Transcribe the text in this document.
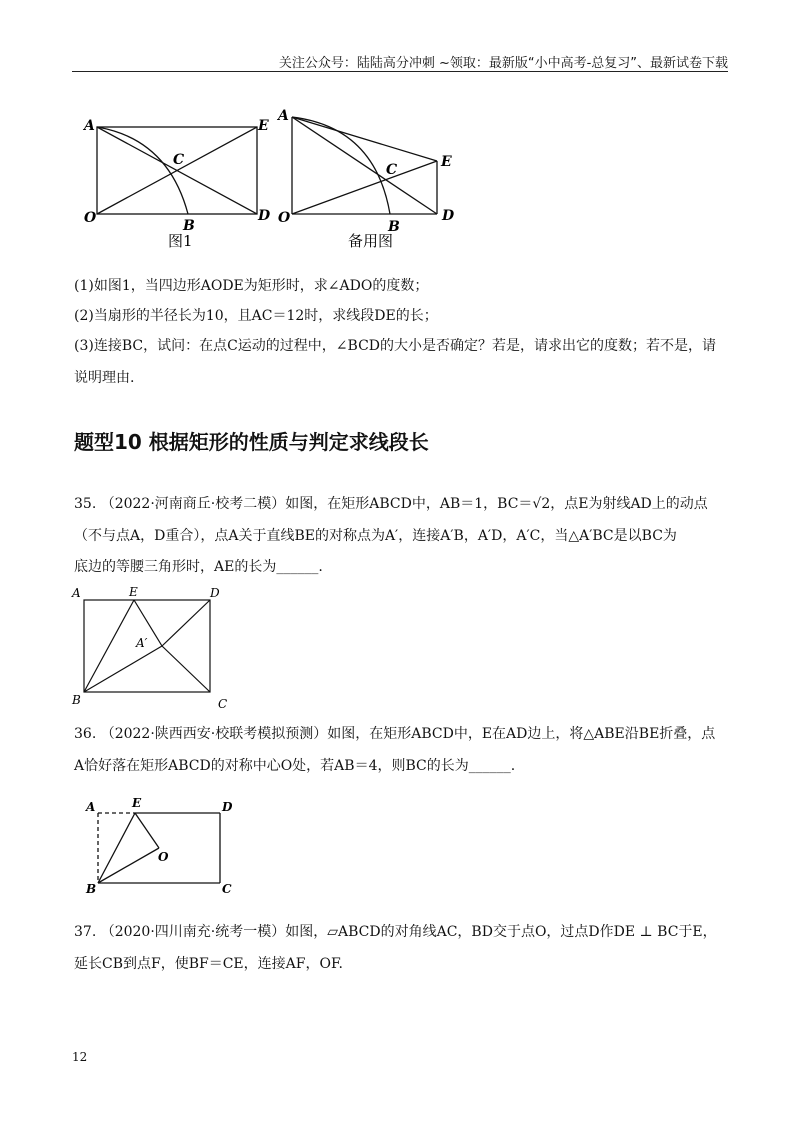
关注公众号：陆陆高分冲刺 ~领取：最新版“小中高考-总复习”、最新试卷下载
A	E
C
O	B
D
图1
A
E
C
O
B
D
备用图
(1)如图1，当四边形AODE为矩形时，求∠ADO的度数；
(2)当扇形的半径长为10，且AC＝12时，求线段DE的长；
(3)连接BC，试问：在点C运动的过程中，∠BCD的大小是否确定？若是，请求出它的度数；若不是，请
说明理由.
题型10 根据矩形的性质与判定求线段长
35. （2022·河南商丘·校考二模）如图，在矩形ABCD中，AB＝1，BC＝√2，点E为射线AD上的动点
（不与点A，D重合），点A关于直线BE的对称点为A′，连接A′B，A′D，A′C，当△A′BC是以BC为
底边的等腰三角形时，AE的长为______.
A	E	D
B	C
A′
36. （2022·陕西西安·校联考模拟预测）如图，在矩形ABCD中，E在AD边上，将△ABE沿BE折叠，点
A恰好落在矩形ABCD的对称中心O处，若AB＝4，则BC的长为______.
A	E	D
O
B	C
37. （2020·四川南充·统考一模）如图，▱ABCD的对角线AC，BD交于点O，过点D作DE ⊥ BC于E，
延长CB到点F，使BF＝CE，连接AF，OF.
12
